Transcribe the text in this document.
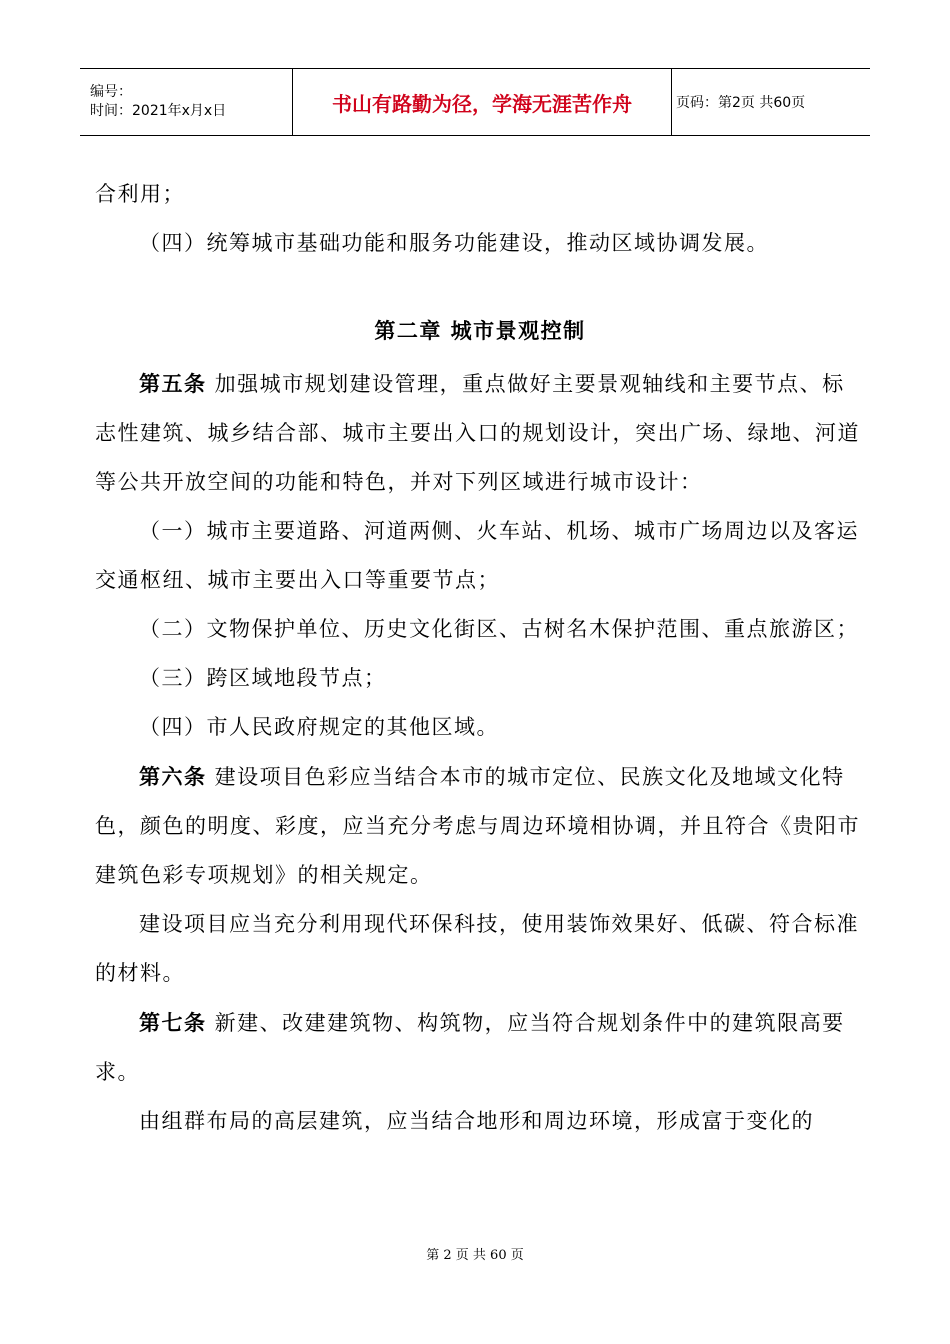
编号：
时间：2021年x月x日	书山有路勤为径，学海无涯苦作舟	页码：第2页 共60页

合利用；

（四）统筹城市基础功能和服务功能建设，推动区域协调发展。

第二章 城市景观控制

第五条 加强城市规划建设管理，重点做好主要景观轴线和主要节点、标志性建筑、城乡结合部、城市主要出入口的规划设计，突出广场、绿地、河道等公共开放空间的功能和特色，并对下列区域进行城市设计：

（一）城市主要道路、河道两侧、火车站、机场、城市广场周边以及客运交通枢纽、城市主要出入口等重要节点；

（二）文物保护单位、历史文化街区、古树名木保护范围、重点旅游区；

（三）跨区域地段节点；

（四）市人民政府规定的其他区域。

第六条 建设项目色彩应当结合本市的城市定位、民族文化及地域文化特色，颜色的明度、彩度，应当充分考虑与周边环境相协调，并且符合《贵阳市建筑色彩专项规划》的相关规定。

建设项目应当充分利用现代环保科技，使用装饰效果好、低碳、符合标准的材料。

第七条 新建、改建建筑物、构筑物，应当符合规划条件中的建筑限高要求。

由组群布局的高层建筑，应当结合地形和周边环境，形成富于变化的

第 2 页 共 60 页
